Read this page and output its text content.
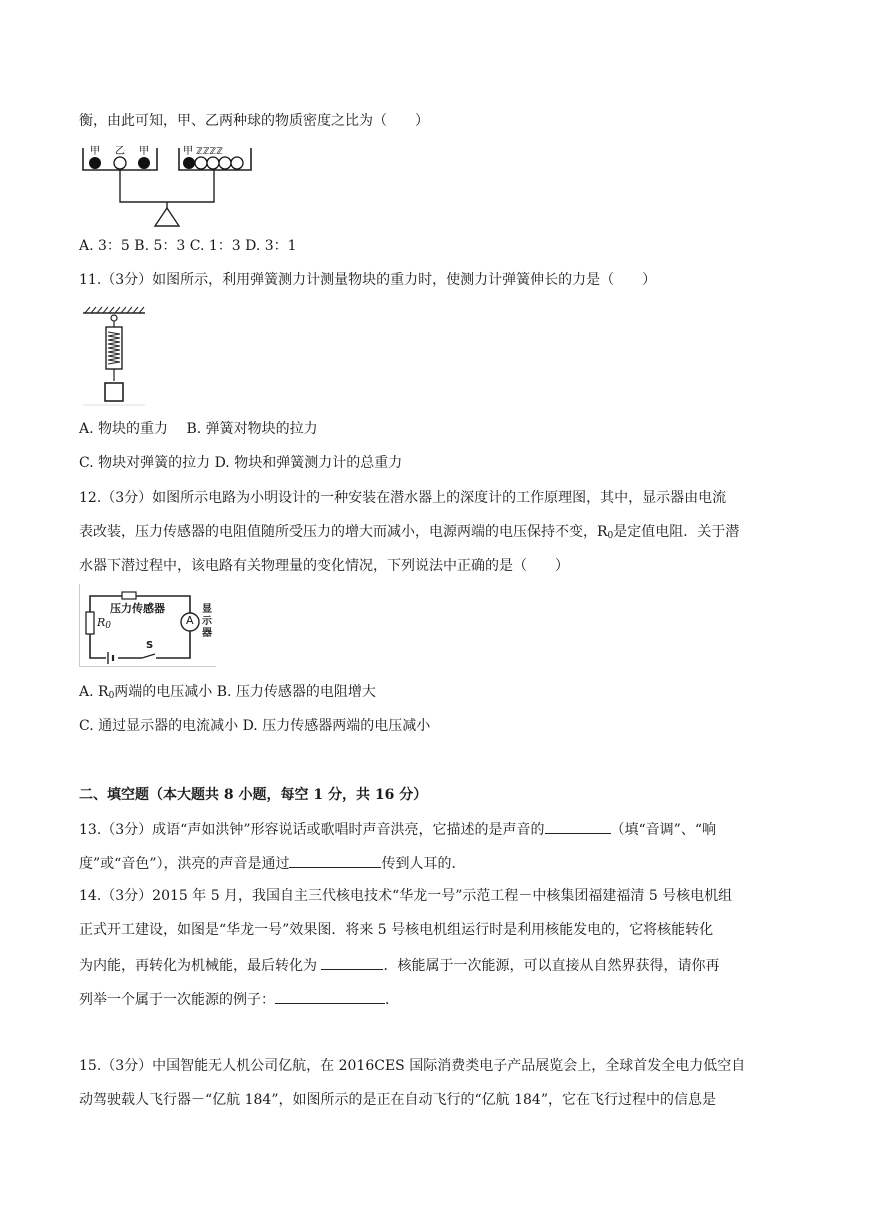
衡，由此可知，甲、乙两种球的物质密度之比为（　　）
甲 乙 甲	甲 ℤℤℤℤ
A. 3：5 B. 5：3 C. 1：3 D. 3：1
11.（3分）如图所示，利用弹簧测力计测量物块的重力时，使测力计弹簧伸长的力是（　　）
A. 物块的重力　 B. 弹簧对物块的拉力
C. 物块对弹簧的拉力 D. 物块和弹簧测力计的总重力
12.（3分）如图所示电路为小明设计的一种安装在潜水器上的深度计的工作原理图，其中，显示器由电流
表改装，压力传感器的电阻值随所受压力的增大而减小，电源两端的电压保持不变，$R_0$是定值电阻．关于潜
水器下潜过程中，该电路有关物理量的变化情况，下列说法中正确的是（　　）
压力传感器
$R_0$	A
显
示
器
S
A. $R_0$两端的电压减小 B. 压力传感器的电阻增大
C. 通过显示器的电流减小 D. 压力传感器两端的电压减小
二、填空题（本大题共 8 小题，每空 1 分，共 16 分）
13.（3分）成语“声如洪钟”形容说话或歌唱时声音洪亮，它描述的是声音的	（填“音调”、“响
度”或“音色”），洪亮的声音是通过	传到人耳的．
14.（3分）2015 年 5 月，我国自主三代核电技术“华龙一号”示范工程－中核集团福建福清 5 号核电机组
正式开工建设，如图是“华龙一号”效果图．将来 5 号核电机组运行时是利用核能发电的，它将核能转化
为内能，再转化为机械能，最后转化为	．核能属于一次能源，可以直接从自然界获得，请你再
列举一个属于一次能源的例子：	．
15.（3分）中国智能无人机公司亿航，在 2016CES 国际消费类电子产品展览会上，全球首发全电力低空自
动驾驶载人飞行器－“亿航 184”，如图所示的是正在自动飞行的“亿航 184”，它在飞行过程中的信息是
